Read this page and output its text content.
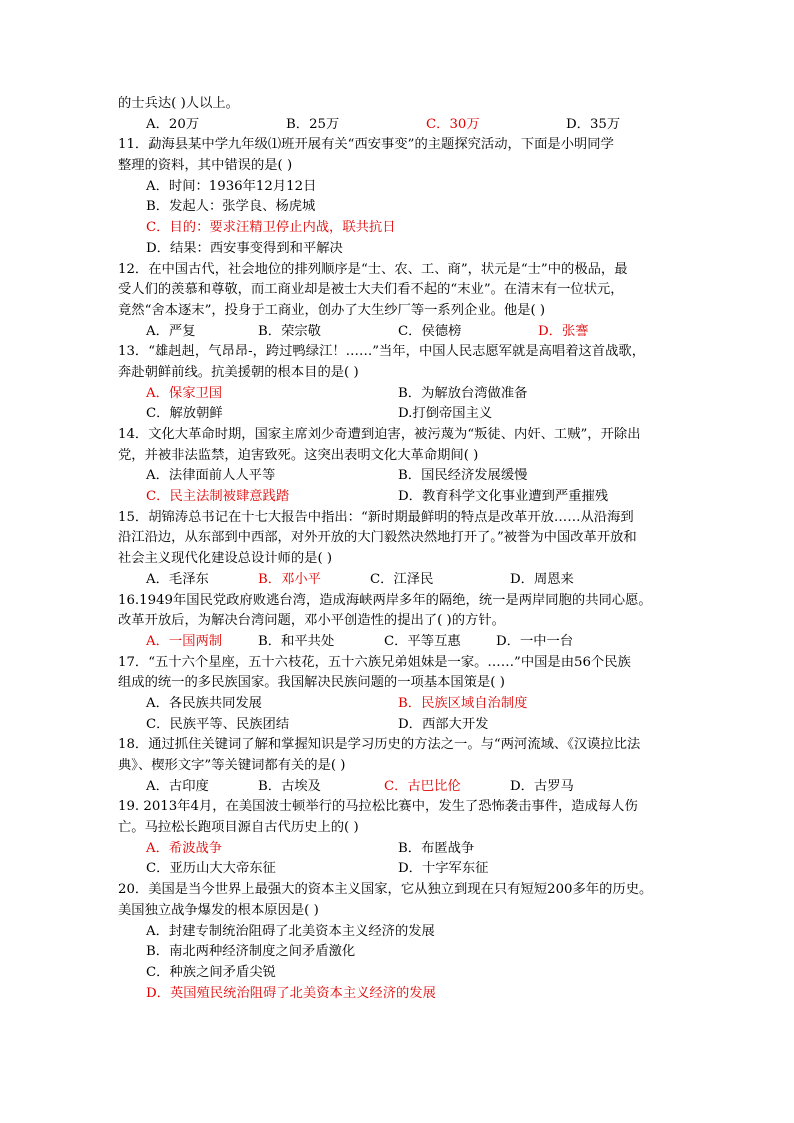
的士兵达( )人以上。
A．20万	B．25万	C．30万	D．35万
11．勐海县某中学九年级⑴班开展有关“西安事变”的主题探究活动，下面是小明同学
整理的资料，其中错误的是( )
A．时间：1936年12月12日
B．发起人：张学良、杨虎城
C．目的：要求汪精卫停止内战，联共抗日
D．结果：西安事变得到和平解决
12．在中国古代，社会地位的排列顺序是“士、农、工、商”，状元是“士”中的极品，最
受人们的羡慕和尊敬，而工商业却是被士大夫们看不起的“末业”。在清末有一位状元，
竟然“舍本逐末”，投身于工商业，创办了大生纱厂等一系列企业。他是( )
A．严复	B．荣宗敬	C．侯德榜	D．张謇
13．“雄赳赳，气昂昂-，跨过鸭绿江！……”当年，中国人民志愿军就是高唱着这首战歌，
奔赴朝鲜前线。抗美援朝的根本目的是( )
A．保家卫国	B．为解放台湾做准备
C．解放朝鲜	D.打倒帝国主义
14．文化大革命时期，国家主席刘少奇遭到迫害，被污蔑为“叛徒、内奸、工贼”，开除出
党，并被非法监禁，迫害致死。这突出表明文化大革命期间( )
A．法律面前人人平等	B．国民经济发展缓慢
C．民主法制被肆意践踏	D．教育科学文化事业遭到严重摧残
15．胡锦涛总书记在十七大报告中指出：“新时期最鲜明的特点是改革开放……从沿海到
沿江沿边，从东部到中西部，对外开放的大门毅然决然地打开了。”被誉为中国改革开放和
社会主义现代化建设总设计师的是( )
A．毛泽东	B．邓小平	C．江泽民	D．周恩来
16.1949年国民党政府败逃台湾，造成海峡两岸多年的隔绝，统一是两岸同胞的共同心愿。
改革开放后，为解决台湾问题，邓小平创造性的提出了( )的方针。
A．一国两制	B．和平共处	C．平等互惠	D．一中一台
17．“五十六个星座，五十六枝花，五十六族兄弟姐妹是一家。……”中国是由56个民族
组成的统一的多民族国家。我国解决民族问题的一项基本国策是( )
A．各民族共同发展	B．民族区域自治制度
C．民族平等、民族团结	D．西部大开发
18．通过抓住关键词了解和掌握知识是学习历史的方法之一。与“两河流域、《汉谟拉比法
典》、楔形文字”等关键词都有关的是( )
A．古印度	B．古埃及	C．古巴比伦	D．古罗马
19. 2013年4月，在美国波士顿举行的马拉松比赛中，发生了恐怖袭击事件，造成每人伤
亡。马拉松长跑项目源自古代历史上的( )
A．希波战争	B．布匿战争
C．亚历山大大帝东征	D．十字军东征
20．美国是当今世界上最强大的资本主义国家，它从独立到现在只有短短200多年的历史。
美国独立战争爆发的根本原因是( )
A．封建专制统治阻碍了北美资本主义经济的发展
B．南北两种经济制度之间矛盾激化
C．种族之间矛盾尖锐
D．英国殖民统治阻碍了北美资本主义经济的发展
